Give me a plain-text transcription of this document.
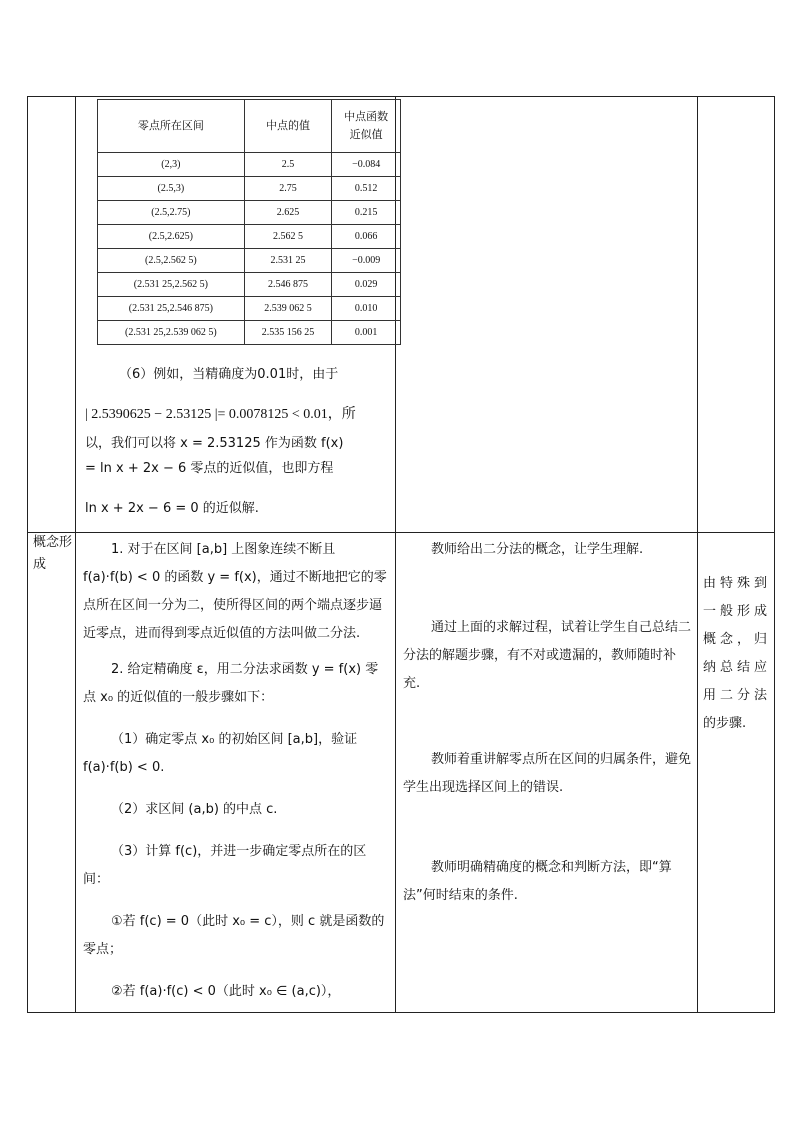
零点所在区间	中点的值	中点函数
近似值

(2,3)	2.5	−0.084
(2.5,3)	2.75	0.512
(2.5,2.75)	2.625	0.215
(2.5,2.625)	2.562 5	0.066
(2.5,2.562 5)	2.531 25	−0.009
(2.531 25,2.562 5)	2.546 875	0.029
(2.531 25,2.546 875)	2.539 062 5	0.010
(2.531 25,2.539 062 5)	2.535 156 25	0.001
（6）例如，当精确度为0.01时，由于
| 2.5390625 − 2.53125 |= 0.0078125 < 0.01，所
以，我们可以将 x = 2.53125 作为函数 f(x)
= ln x + 2x − 6 零点的近似值，也即方程
ln x + 2x − 6 = 0 的近似解.
概念形成
1. 对于在区间 [a,b] 上图象连续不断且 f(a)·f(b) < 0 的函数 y = f(x)，通过不断地把它的零点所在区间一分为二，使所得区间的两个端点逐步逼近零点，进而得到零点近似值的方法叫做二分法.
2. 给定精确度 ε，用二分法求函数 y = f(x) 零点 x₀ 的近似值的一般步骤如下：
（1）确定零点 x₀ 的初始区间 [a,b]，验证 f(a)·f(b) < 0.
（2）求区间 (a,b) 的中点 c.
（3）计算 f(c)，并进一步确定零点所在的区间：
①若 f(c) = 0（此时 x₀ = c），则 c 就是函数的零点；
②若 f(a)·f(c) < 0（此时 x₀ ∈ (a,c)），
教师给出二分法的概念，让学生理解.
通过上面的求解过程，试着让学生自己总结二分法的解题步骤，有不对或遗漏的，教师随时补充.
教师着重讲解零点所在区间的归属条件，避免学生出现选择区间上的错误.
教师明确精确度的概念和判断方法，即“算法”何时结束的条件.
由特殊到一般形成概念，归纳总结应用二分法的步骤.
